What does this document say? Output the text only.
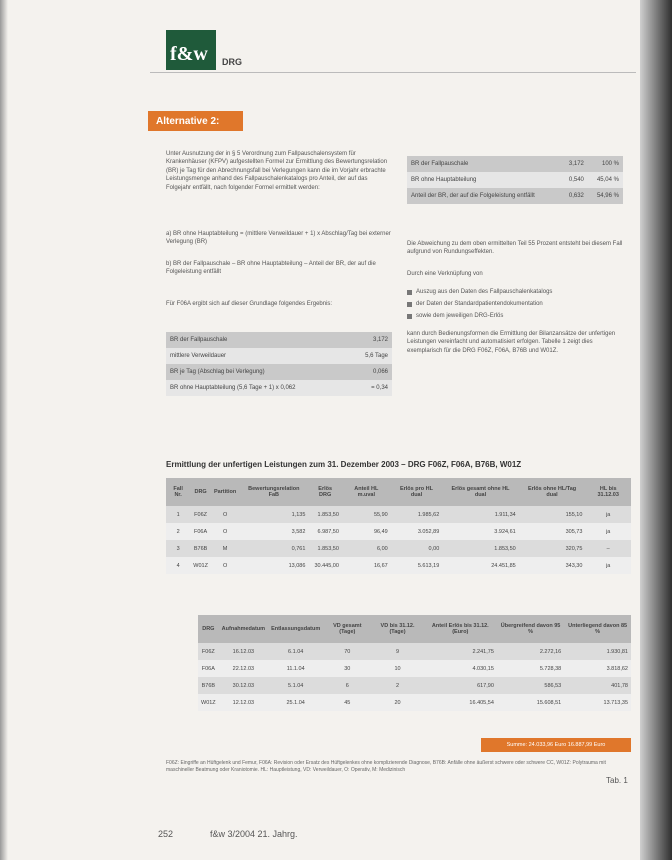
f&w DRG
Alternative 2:
Unter Ausnutzung der in § 5 Verordnung zum Fallpauschalensystem für Krankenhäuser (KFPV) aufgestellten Formel zur Ermittlung des Bewertungsrelation (BR) je Tag für den Abrechnungsfall bei Verlegungen kann die im Vorjahr erbrachte Leistungsmenge anhand des Fallpauschalenkatalogs pro Anteil, der auf das Folgejahr entfällt, nach folgender Formel ermittelt werden:
a) BR ohne Hauptabteilung = (mittlere Verweildauer + 1) x Abschlag/Tag bei externer Verlegung (BR)
b) BR der Fallpauschale – BR ohne Hauptabteilung – Anteil der BR, der auf die Folgeleistung entfällt
Für F06A ergibt sich auf dieser Grundlage folgendes Ergebnis:
BR der Fallpauschale	3,172
mittlere Verweildauer	5,6 Tage
BR je Tag (Abschlag bei Verlegung)	0,066
BR ohne Hauptabteilung (5,6 Tage + 1) x 0,062	= 0,34
BR der Fallpauschale	3,172	100 %
BR ohne Hauptabteilung	0,540	45,04 %
Anteil der BR, der auf die Folgeleistung entfällt	0,632	54,96 %
Die Abweichung zu dem oben ermittelten Teil 55 Prozent entsteht bei diesem Fall aufgrund von Rundungseffekten.
Durch eine Verknüpfung von
Auszug aus den Daten des Fallpauschalenkatalogs
der Daten der Standardpatientendokumentation
sowie dem jeweiligen DRG-Erlös
kann durch Bedienungsformen die Ermittlung der Bilanzansätze der unfertigen Leistungen vereinfacht und automatisiert erfolgen. Tabelle 1 zeigt dies exemplarisch für die DRG F06Z, F06A, B76B und W01Z.
Ermittlung der unfertigen Leistungen zum 31. Dezember 2003 – DRG F06Z, F06A, B76B, W01Z
Fall Nr.	DRG	Partition	Bewertungsrelation FaB	Erlös DRG	Anteil HL m.uval	Erlös pro HL dual	Erlös gesamt ohne HL dual	Erlös ohne HL/Tag dual	HL bis 31.12.03
1	F06Z	O	1,135	1.853,50	55,90	1.985,62	1.911,34	155,10	ja
2	F06A	O	3,582	6.987,50	96,49	3.052,89	3.924,61	305,73	ja
3	B76B	M	0,761	1.853,50	6,00	0,00	1.853,50	320,75	–
4	W01Z	O	13,086	30.445,00	16,67	5.613,19	24.451,85	343,30	ja
DRG	Aufnahmedatum	Entlassungsdatum	VD gesamt (Tage)	VD bis 31.12. (Tage)	Anteil Erlös bis 31.12. (Euro)	Übergreifend davon 95 %	Unterliegend davon 85 %
F06Z	16.12.03	6.1.04	70	9	2.241,75	2.272,16	1.930,81
F06A	22.12.03	11.1.04	30	10	4.030,15	5.728,38	3.818,62
B76B	30.12.03	5.1.04	6	2	617,90	586,53	401,78
W01Z	12.12.03	25.1.04	45	20	16.405,54	15.608,51	13.713,35
Summe: 24.033,96 Euro 16.887,99 Euro
F06Z: Eingriffe an Hüftgelenk und Femur, F06A: Revision oder Ersatz des Hüftgelenkes ohne komplizierende Diagnose, B76B: Anfälle ohne äußerst schwere oder schwere CC, W01Z: Polytrauma mit maschineller Beatmung oder Kraniotomie. HL: Hauptleistung, VD: Verweildauer, O: Operativ, M: Medizinisch
Tab. 1
252	f&w 3/2004 21. Jahrg.
